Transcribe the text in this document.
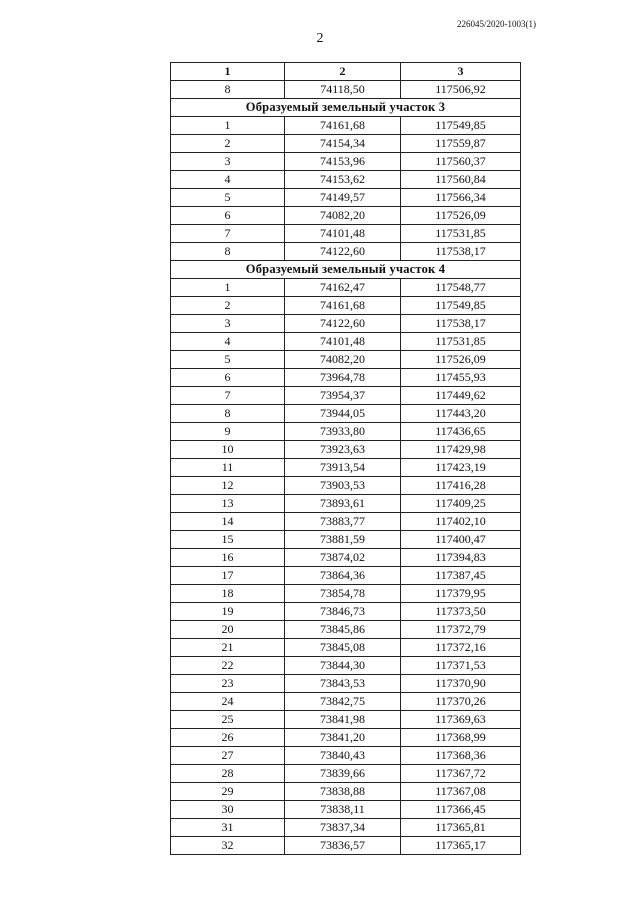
226045/2020-1003(1)
2
1	2	3
8	74118,50	117506,92
Образуемый земельный участок 3		
1	74161,68	117549,85
2	74154,34	117559,87
3	74153,96	117560,37
4	74153,62	117560,84
5	74149,57	117566,34
6	74082,20	117526,09
7	74101,48	117531,85
8	74122,60	117538,17
Образуемый земельный участок 4		
1	74162,47	117548,77
2	74161,68	117549,85
3	74122,60	117538,17
4	74101,48	117531,85
5	74082,20	117526,09
6	73964,78	117455,93
7	73954,37	117449,62
8	73944,05	117443,20
9	73933,80	117436,65
10	73923,63	117429,98
11	73913,54	117423,19
12	73903,53	117416,28
13	73893,61	117409,25
14	73883,77	117402,10
15	73881,59	117400,47
16	73874,02	117394,83
17	73864,36	117387,45
18	73854,78	117379,95
19	73846,73	117373,50
20	73845,86	117372,79
21	73845,08	117372,16
22	73844,30	117371,53
23	73843,53	117370,90
24	73842,75	117370,26
25	73841,98	117369,63
26	73841,20	117368,99
27	73840,43	117368,36
28	73839,66	117367,72
29	73838,88	117367,08
30	73838,11	117366,45
31	73837,34	117365,81
32	73836,57	117365,17
